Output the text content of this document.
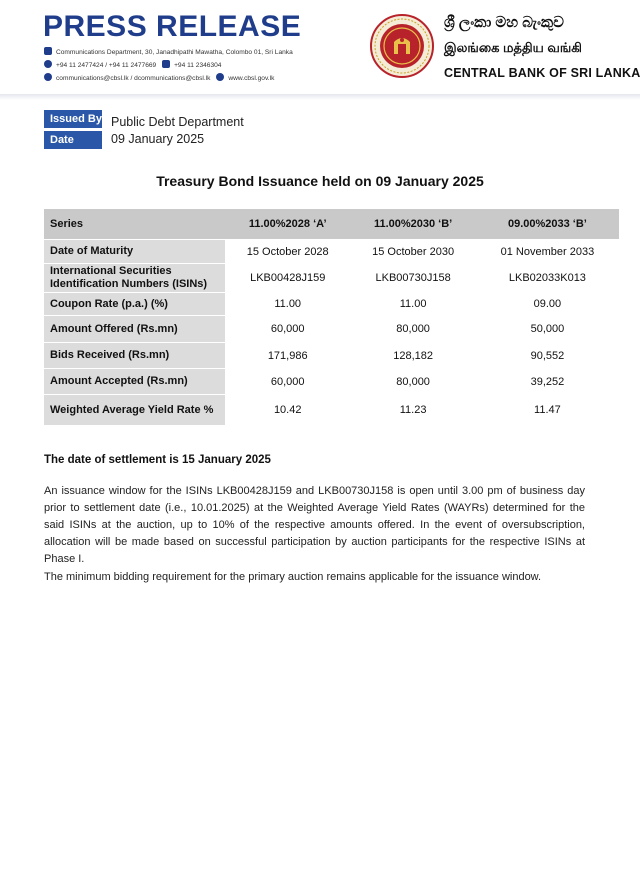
PRESS RELEASE
Communications Department, 30, Janadhipathi Mawatha, Colombo 01, Sri Lanka
+94 11 2477424 / +94 11 2477669	+94 11 2346304
communications@cbsl.lk / dcommunications@cbsl.lk	www.cbsl.gov.lk
ශ්‍රී ලංකා මහ බැංකුව
இலங்கை மத்திய வங்கி
CENTRAL BANK OF SRI LANKA
Issued By Public Debt Department
Date	09 January 2025
Treasury Bond Issuance held on 09 January 2025
Series	11.00%2028 ‘A’	11.00%2030 ‘B’	09.00%2033 ‘B’
Date of Maturity	15 October 2028	15 October 2030	01 November 2033
International Securities Identification Numbers (ISINs)	LKB00428J159	LKB00730J158	LKB02033K013
Coupon Rate (p.a.) (%)	11.00	11.00	09.00
Amount Offered (Rs.mn)	60,000	80,000	50,000
Bids Received (Rs.mn)	171,986	128,182	90,552
Amount Accepted (Rs.mn)	60,000	80,000	39,252
Weighted Average Yield Rate %	10.42	11.23	11.47
The date of settlement is 15 January 2025

An issuance window for the ISINs LKB00428J159 and LKB00730J158 is open until 3.00 pm of business day prior to settlement date (i.e., 10.01.2025) at the Weighted Average Yield Rates (WAYRs) determined for the said ISINs at the auction, up to 10% of the respective amounts offered. In the event of oversubscription, allocation will be made based on successful participation by auction participants for the respective ISINs at Phase I.

The minimum bidding requirement for the primary auction remains applicable for the issuance window.
